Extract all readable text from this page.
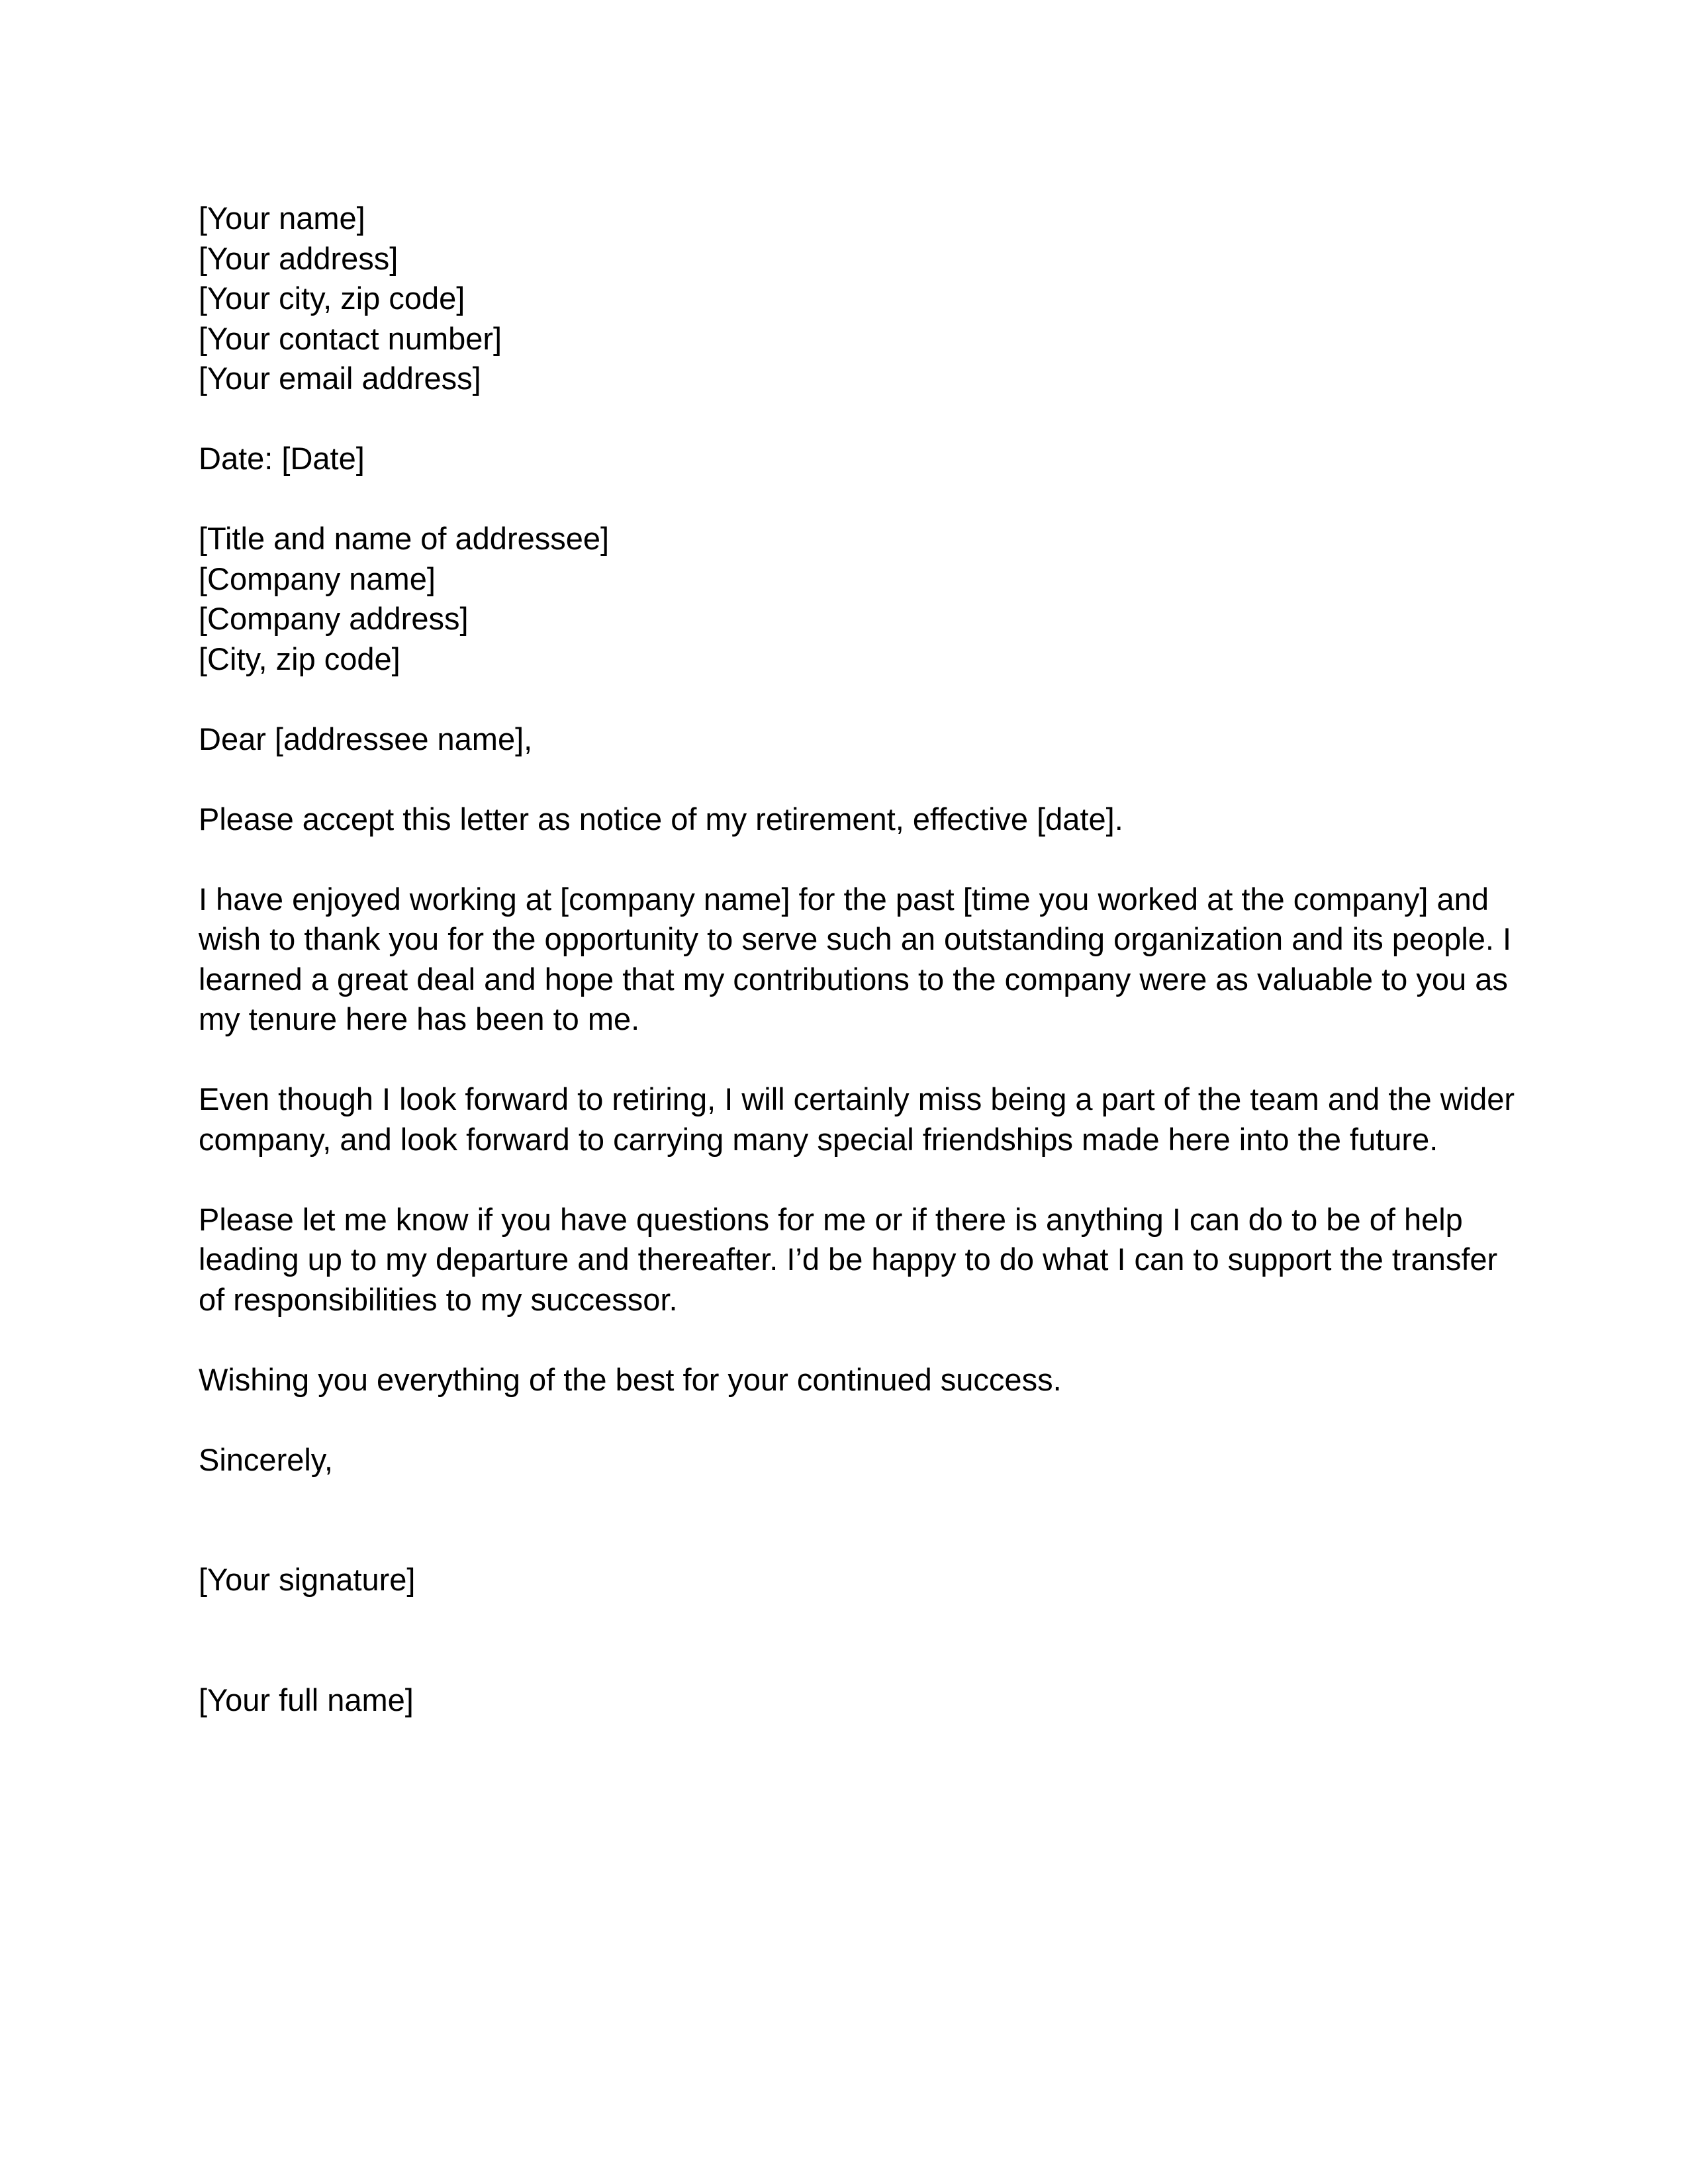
[Your name]
[Your address]
[Your city, zip code]
[Your contact number]
[Your email address]
Date: [Date]
[Title and name of addressee]
[Company name]
[Company address]
[City, zip code]
Dear [addressee name],
Please accept this letter as notice of my retirement, effective [date].
I have enjoyed working at [company name] for the past [time you worked at the company] and
wish to thank you for the opportunity to serve such an outstanding organization and its people. I
learned a great deal and hope that my contributions to the company were as valuable to you as
my tenure here has been to me.
Even though I look forward to retiring, I will certainly miss being a part of the team and the wider
company, and look forward to carrying many special friendships made here into the future.
Please let me know if you have questions for me or if there is anything I can do to be of help
leading up to my departure and thereafter. I’d be happy to do what I can to support the transfer
of responsibilities to my successor.
Wishing you everything of the best for your continued success.
Sincerely,
[Your signature]
[Your full name]
